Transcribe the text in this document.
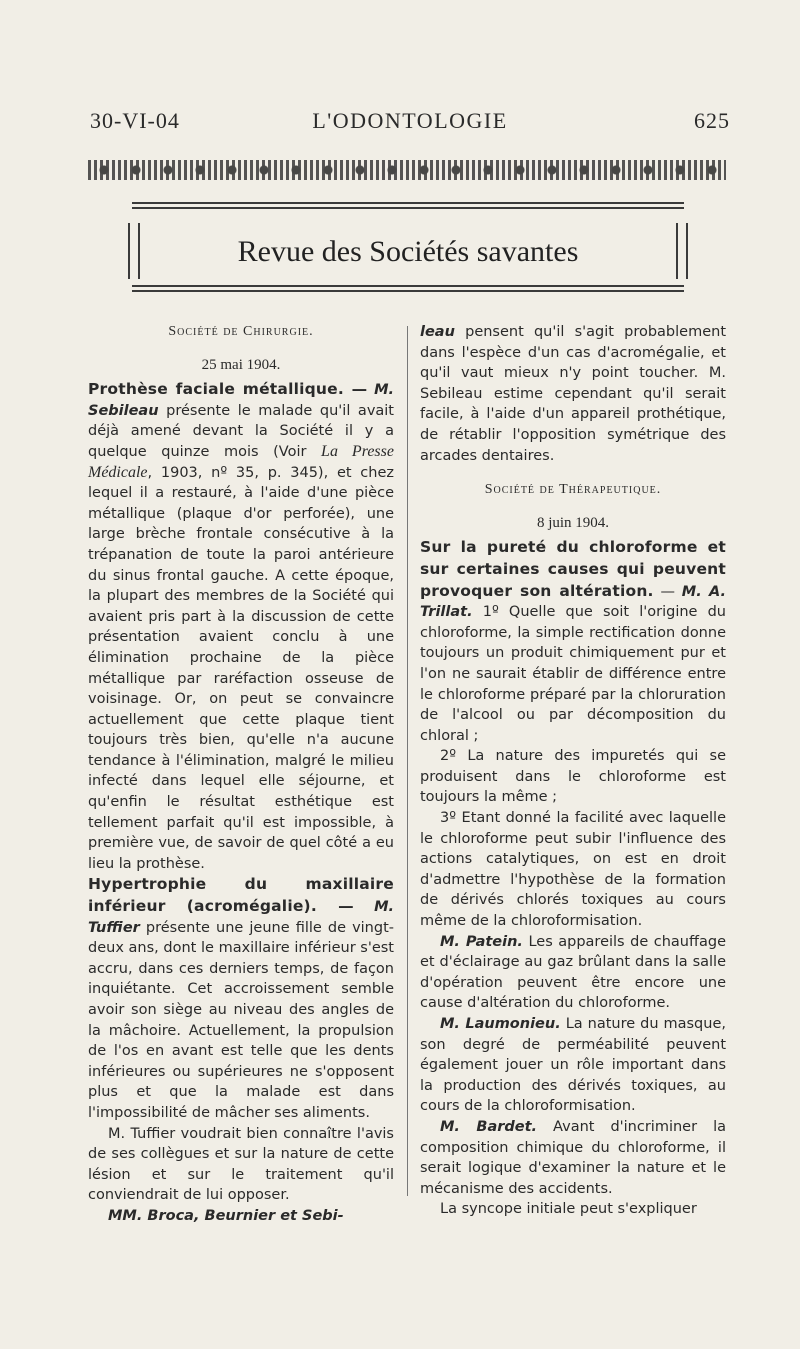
30-VI-04	L'ODONTOLOGIE	625
Revue des Sociétés savantes
Société de Chirurgie.
25 mai 1904.

Prothèse faciale métallique. — M. Sebileau présente le malade qu'il avait déjà amené devant la Société il y a quelque quinze mois (Voir La Presse Médicale, 1903, nº 35, p. 345), et chez lequel il a restauré, à l'aide d'une pièce métallique (plaque d'or perforée), une large brèche frontale consécutive à la trépanation de toute la paroi antérieure du sinus frontal gauche. A cette époque, la plupart des membres de la Société qui avaient pris part à la discussion de cette présentation avaient conclu à une élimination prochaine de la pièce métallique par raréfaction osseuse de voisinage. Or, on peut se convaincre actuellement que cette plaque tient toujours très bien, qu'elle n'a aucune tendance à l'élimination, malgré le milieu infecté dans lequel elle séjourne, et qu'enfin le résultat esthétique est tellement parfait qu'il est impossible, à première vue, de savoir de quel côté a eu lieu la prothèse.

Hypertrophie du maxillaire inférieur (acromégalie). — M. Tuffier présente une jeune fille de vingt-deux ans, dont le maxillaire inférieur s'est accru, dans ces derniers temps, de façon inquiétante. Cet accroissement semble avoir son siège au niveau des angles de la mâchoire. Actuellement, la propulsion de l'os en avant est telle que les dents inférieures ou supérieures ne s'opposent plus et que la malade est dans l'impossibilité de mâcher ses aliments.

M. Tuffier voudrait bien connaître l'avis de ses collègues et sur la nature de cette lésion et sur le traitement qu'il conviendrait de lui opposer.

MM. Broca, Beurnier et Sebi-

leau pensent qu'il s'agit probablement dans l'espèce d'un cas d'acromégalie, et qu'il vaut mieux n'y point toucher. M. Sebileau estime cependant qu'il serait facile, à l'aide d'un appareil prothétique, de rétablir l'opposition symétrique des arcades dentaires.

Société de Thérapeutique.
8 juin 1904.

Sur la pureté du chloroforme et sur certaines causes qui peuvent provoquer son altération. — M. A. Trillat. 1º Quelle que soit l'origine du chloroforme, la simple rectification donne toujours un produit chimiquement pur et l'on ne saurait établir de différence entre le chloroforme préparé par la chloruration de l'alcool ou par décomposition du chloral ;

2º La nature des impuretés qui se produisent dans le chloroforme est toujours la même ;

3º Etant donné la facilité avec laquelle le chloroforme peut subir l'influence des actions catalytiques, on est en droit d'admettre l'hypothèse de la formation de dérivés chlorés toxiques au cours même de la chloroformisation.

M. Patein. Les appareils de chauffage et d'éclairage au gaz brûlant dans la salle d'opération peuvent être encore une cause d'altération du chloroforme.

M. Laumonieu. La nature du masque, son degré de perméabilité peuvent également jouer un rôle important dans la production des dérivés toxiques, au cours de la chloroformisation.

M. Bardet. Avant d'incriminer la composition chimique du chloroforme, il serait logique d'examiner la nature et le mécanisme des accidents.

La syncope initiale peut s'expliquer
